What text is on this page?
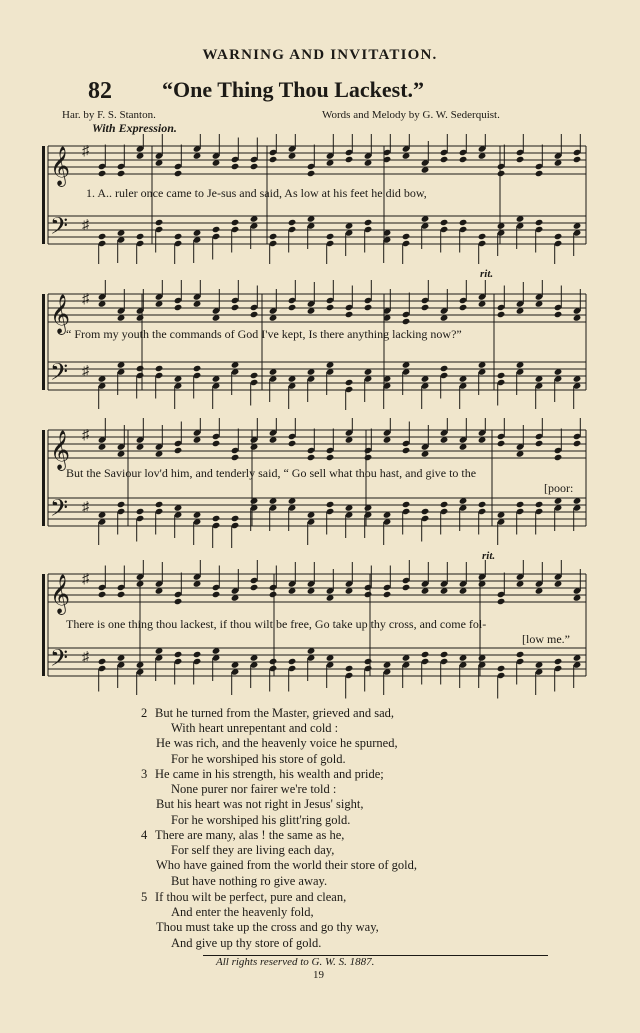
WARNING AND INVITATION.
82 “One Thing Thou Lackest.”
Har. by F. S. Stanton.	Words and Melody by G. W. Sederquist.
With Expression.
𝄞
𝄢
♯
♯
1. A.. ruler once came to Je-sus and said, As low at his feet he did bow,
𝄞
𝄢
♯
♯
“ From my youth the commands of God I've kept, Is there anything lacking now?”
rit.
𝄞
𝄢
♯
♯
But the Saviour lov'd him, and tenderly said, “ Go sell what thou hast, and give to the
[poor:
𝄞
𝄢
♯
♯
There is one thing thou lackest, if thou wilt be free, Go take up thy cross, and come fol-
[low me.”
rit.
2 But he turned from the Master, grieved and sad,
With heart unrepentant and cold :
He was rich, and the heavenly voice he spurned,
For he worshiped his store of gold.
3 He came in his strength, his wealth and pride;
None purer nor fairer we're told :
But his heart was not right in Jesus' sight,
For he worshiped his glitt'ring gold.
4 There are many, alas ! the same as he,
For self they are living each day,
Who have gained from the world their store of gold,
But have nothing ro give away.
5 If thou wilt be perfect, pure and clean,
And enter the heavenly fold,
Thou must take up the cross and go thy way,
And give up thy store of gold.
All rights reserved to G. W. S. 1887.
19
